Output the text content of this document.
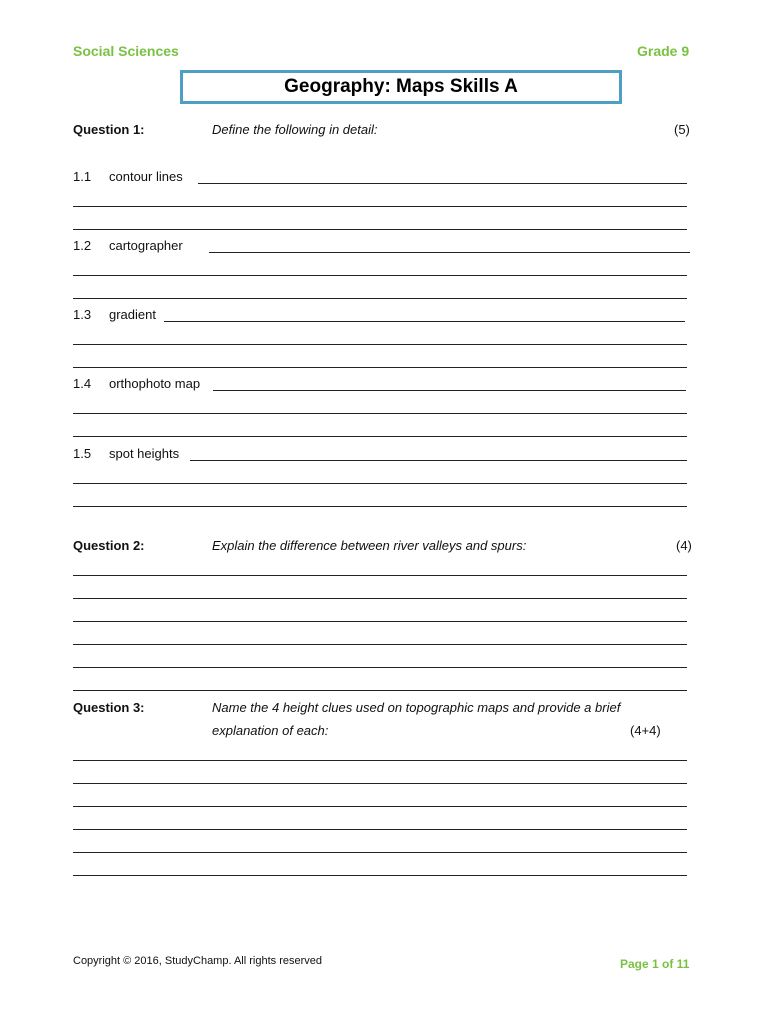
Social Sciences	Grade 9
Geography: Maps Skills A
Question 1:	Define the following in detail:	(5)
1.1 contour lines
1.2 cartographer
1.3 gradient
1.4 orthophoto map
1.5 spot heights
Question 2:	Explain the difference between river valleys and spurs:	(4)
Question 3:	Name the 4 height clues used on topographic maps and provide a brief
explanation of each:	(4+4)
Copyright © 2016, StudyChamp. All rights reserved	Page 1 of 11
